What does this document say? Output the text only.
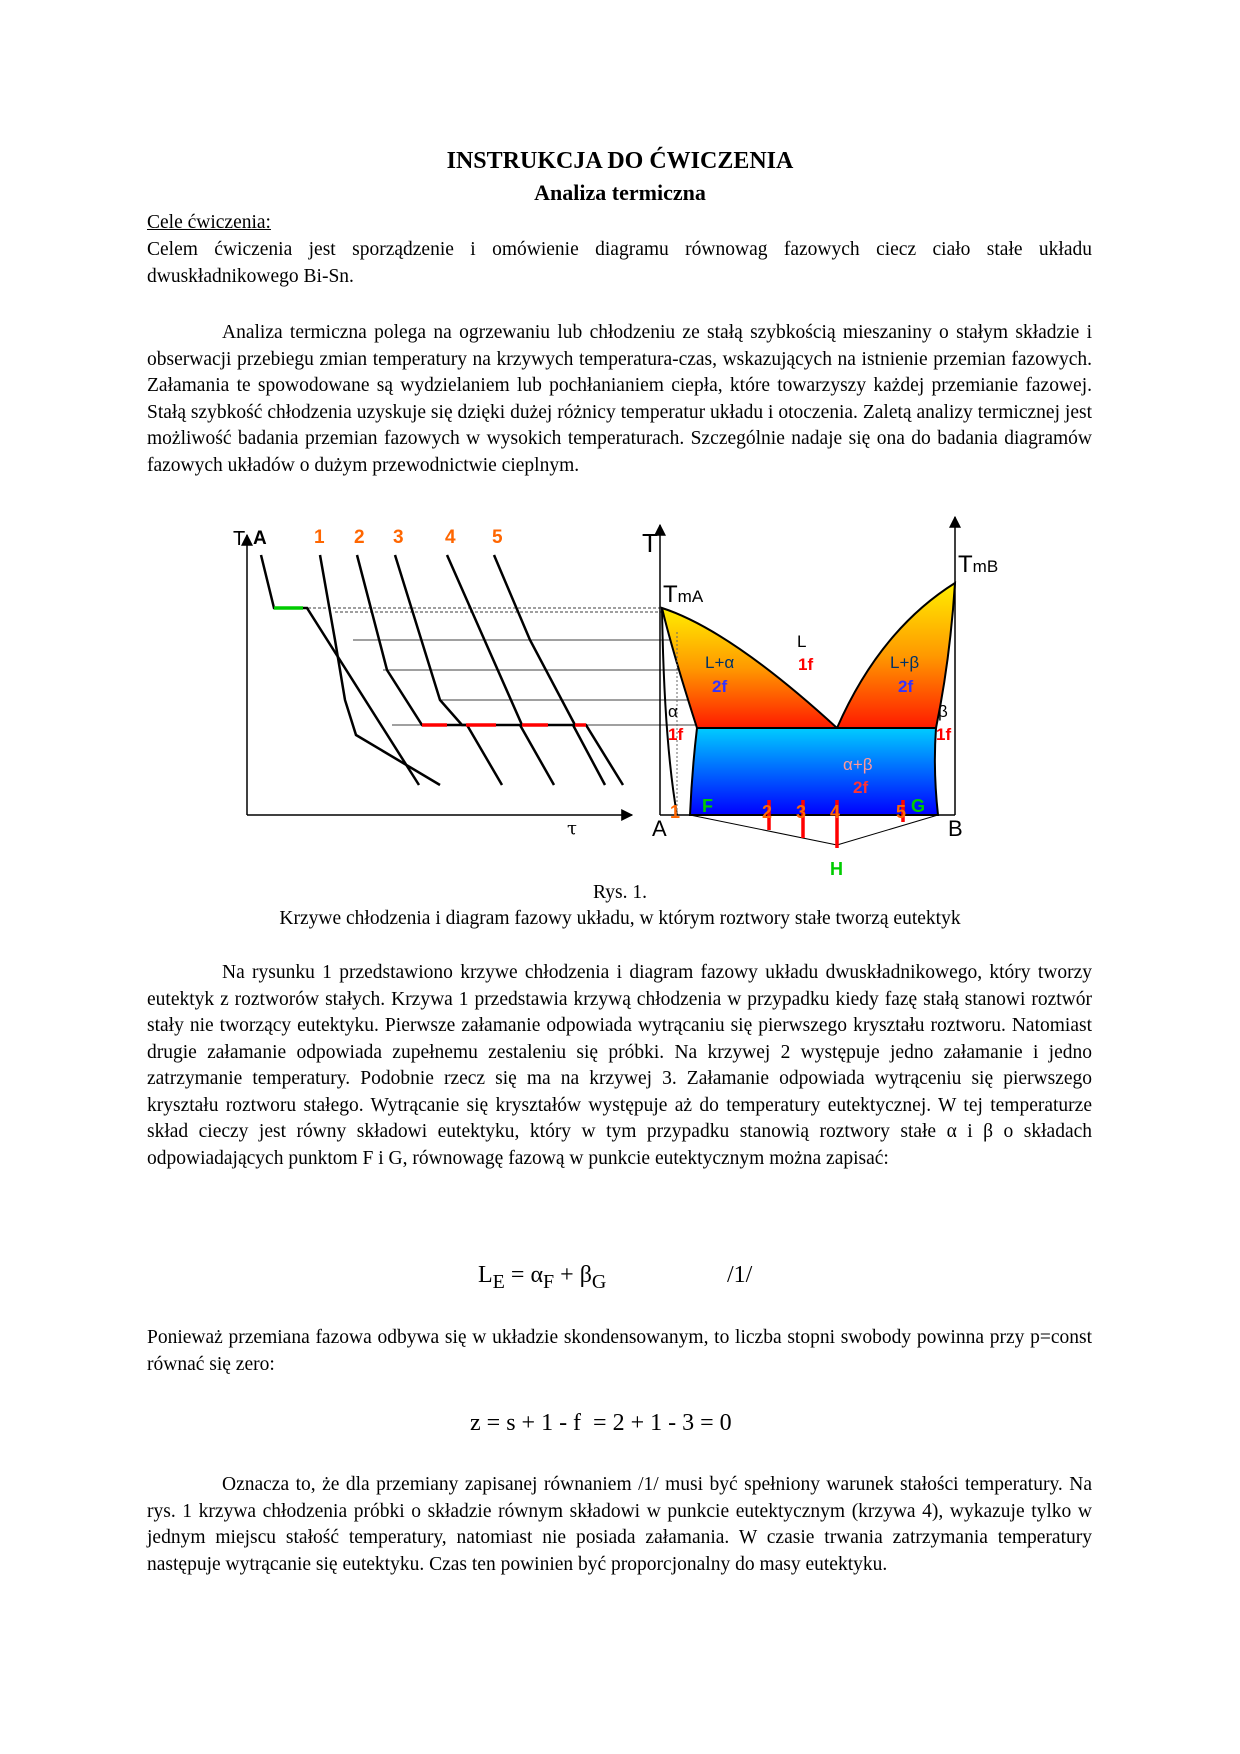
INSTRUKCJA DO ĆWICZENIA
Analiza termiczna
Cele ćwiczenia:

Celem ćwiczenia jest sporządzenie i omówienie diagramu równowag fazowych ciecz ciało stałe układu dwuskładnikowego Bi-Sn.

Analiza termiczna polega na ogrzewaniu lub chłodzeniu ze stałą szybkością mieszaniny o stałym składzie i obserwacji przebiegu zmian temperatury na krzywych temperatura-czas, wskazujących na istnienie przemian fazowych. Załamania te spowodowane są wydzielaniem lub pochłanianiem ciepła, które towarzyszy każdej przemianie fazowej. Stałą szybkość chłodzenia uzyskuje się dzięki dużej różnicy temperatur układu i otoczenia. Zaletą analizy termicznej jest możliwość badania przemian fazowych w wysokich temperaturach. Szczególnie nadaje się ona do badania diagramów fazowych układów o dużym przewodnictwie cieplnym.

T
τ
A 1 2 3 4 5	T
TmA
TmB
L
1f
L+α
2f
L+β
2f
α
1f
β
1f
α+β
2f
F	G
H
1	2 3 4	5
A	B
Rys. 1.
Krzywe chłodzenia i diagram fazowy układu, w którym roztwory stałe tworzą eutektyk

Na rysunku 1 przedstawiono krzywe chłodzenia i diagram fazowy układu dwuskładnikowego, który tworzy eutektyk z roztworów stałych. Krzywa 1 przedstawia krzywą chłodzenia w przypadku kiedy fazę stałą stanowi roztwór stały nie tworzący eutektyku. Pierwsze załamanie odpowiada wytrącaniu się pierwszego kryształu roztworu. Natomiast drugie załamanie odpowiada zupełnemu zestaleniu się próbki. Na krzywej 2 występuje jedno załamanie i jedno zatrzymanie temperatury. Podobnie rzecz się ma na krzywej 3. Załamanie odpowiada wytrąceniu się pierwszego kryształu roztworu stałego. Wytrącanie się kryształów występuje aż do temperatury eutektycznej. W tej temperaturze skład cieczy jest równy składowi eutektyku, który w tym przypadku stanowią roztwory stałe α i β o składach odpowiadających punktom F i G, równowagę fazową w punkcie eutektycznym można zapisać:

$L_E = \alpha_F + \beta_G$	/1/

Ponieważ przemiana fazowa odbywa się w układzie skondensowanym, to liczba stopni swobody powinna przy p=const równać się zero:

z = s + 1 - f  = 2 + 1 - 3 = 0

Oznacza to, że dla przemiany zapisanej równaniem /1/ musi być spełniony warunek stałości temperatury. Na rys. 1 krzywa chłodzenia próbki o składzie równym składowi w punkcie eutektycznym (krzywa 4), wykazuje tylko w jednym miejscu stałość temperatury, natomiast nie posiada załamania. W czasie trwania zatrzymania temperatury następuje wytrącanie się eutektyku. Czas ten powinien być proporcjonalny do masy eutektyku.
